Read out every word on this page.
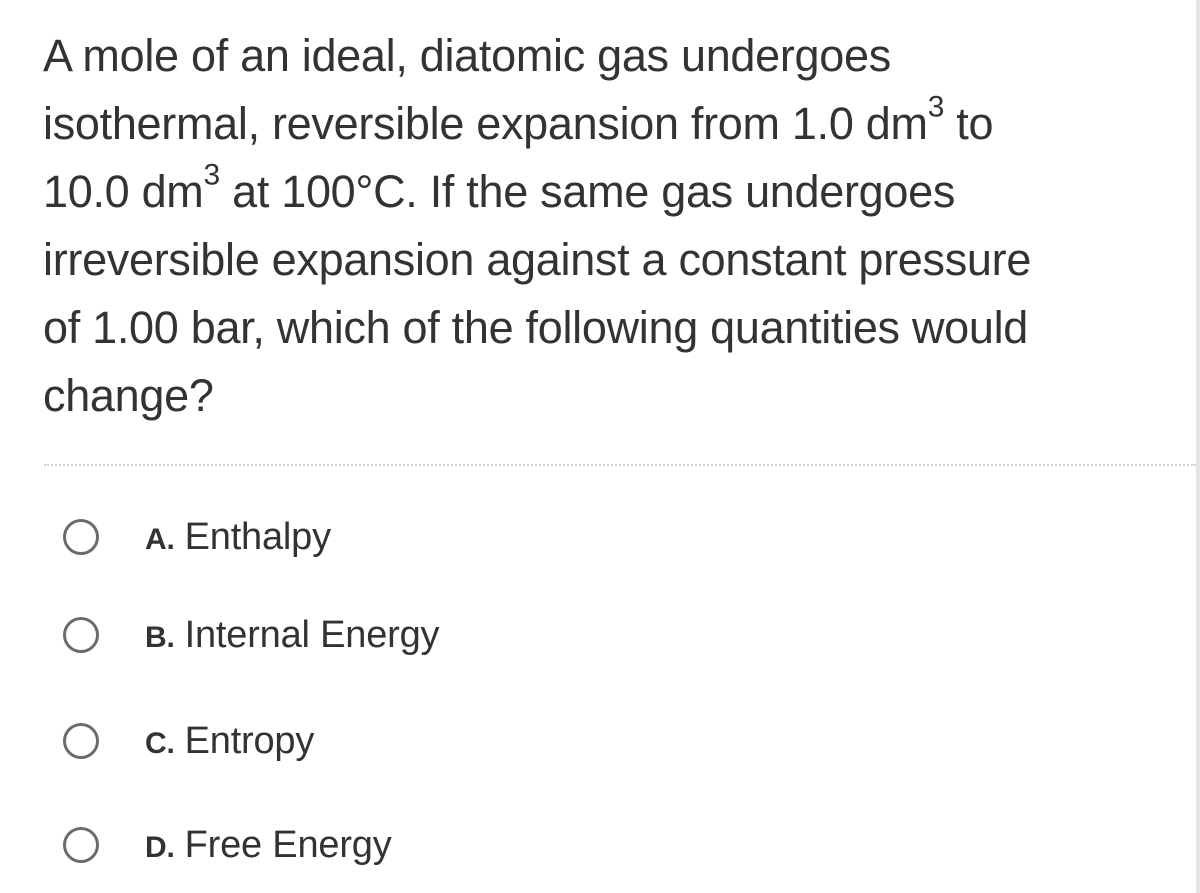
A mole of an ideal, diatomic gas undergoes
isothermal, reversible expansion from 1.0 $dm^3$ to
10.0 $dm^3$ at 100°C. If the same gas undergoes
irreversible expansion against a constant pressure
of 1.00 bar, which of the following quantities would
change?
A. Enthalpy
B. Internal Energy
C. Entropy
D. Free Energy
